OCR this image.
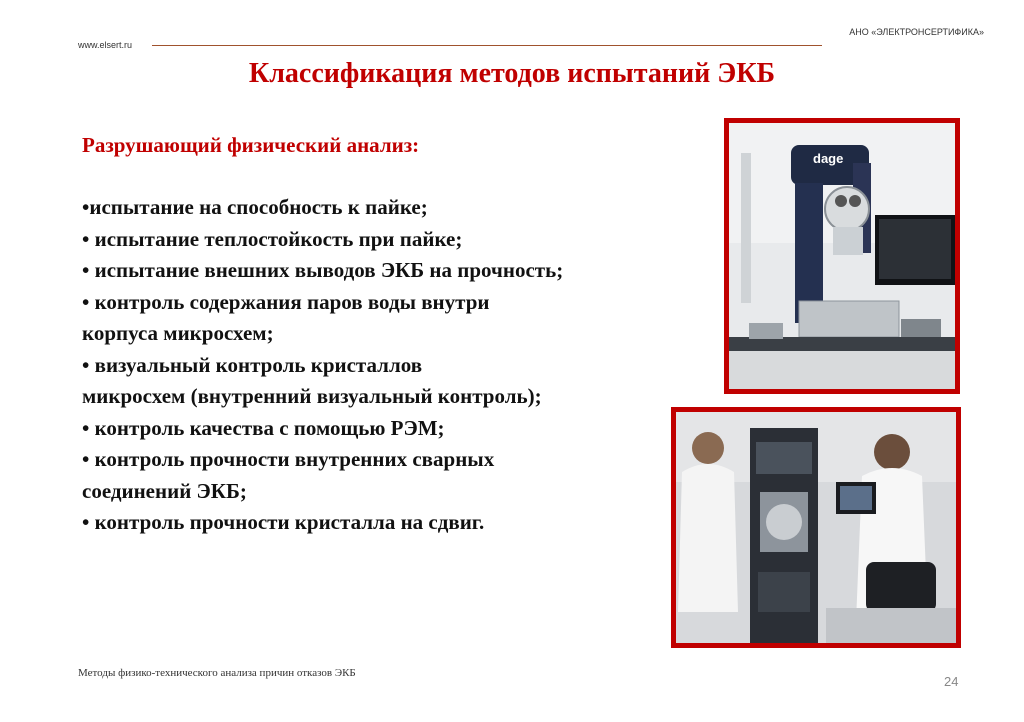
www.elsert.ru
АНО «ЭЛЕКТРОНСЕРТИФИКА»
Классификация методов испытаний ЭКБ
Разрушающий физический анализ:
•испытание на способность к пайке;
• испытание теплостойкость при пайке;
• испытание внешних выводов ЭКБ на прочность;
• контроль содержания паров воды внутри
корпуса микросхем;
• визуальный контроль кристаллов
микросхем (внутренний визуальный контроль);
• контроль качества с помощью РЭМ;
• контроль прочности внутренних сварных
соединений ЭКБ;
• контроль прочности кристалла на сдвиг.
dage
Методы физико-технического анализа причин отказов ЭКБ
24
